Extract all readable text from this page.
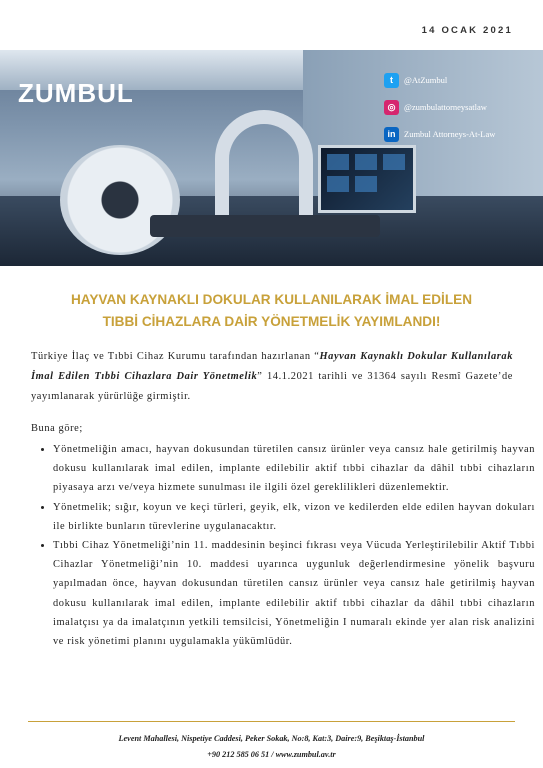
14 OCAK 2021
ZUMBUL	t	@AtZumbul
◎	@zumbulattorneysatlaw
in	Zumbul Attorneys-At-Law
HAYVAN KAYNAKLI DOKULAR KULLANILARAK İMAL EDİLEN
TIBBİ CİHAZLARA DAİR YÖNETMELİK YAYIMLANDI!

Türkiye İlaç ve Tıbbi Cihaz Kurumu tarafından hazırlanan “Hayvan Kaynaklı Dokular Kullanılarak İmal Edilen Tıbbi Cihazlara Dair Yönetmelik” 14.1.2021 tarihli ve 31364 sayılı Resmî Gazete’de yayımlanarak yürürlüğe girmiştir.

Buna göre;
• Yönetmeliğin amacı, hayvan dokusundan türetilen cansız ürünler veya cansız hale getirilmiş hayvan dokusu kullanılarak imal edilen, implante edilebilir aktif tıbbi cihazlar da dâhil tıbbi cihazların piyasaya arzı ve/veya hizmete sunulması ile ilgili özel gereklilikleri düzenlemektir.
• Yönetmelik; sığır, koyun ve keçi türleri, geyik, elk, vizon ve kedilerden elde edilen hayvan dokuları ile birlikte bunların türevlerine uygulanacaktır.
• Tıbbi Cihaz Yönetmeliği’nin 11. maddesinin beşinci fıkrası veya Vücuda Yerleştirilebilir Aktif Tıbbi Cihazlar Yönetmeliği’nin 10. maddesi uyarınca uygunluk değerlendirmesine yönelik başvuru yapılmadan önce, hayvan dokusundan türetilen cansız ürünler veya cansız hale getirilmiş hayvan dokusu kullanılarak imal edilen, implante edilebilir aktif tıbbi cihazlar da dâhil tıbbi cihazların imalatçısı ya da imalatçının yetkili temsilcisi, Yönetmeliğin I numaralı ekinde yer alan risk analizini ve risk yönetimi planını uygulamakla yükümlüdür.
Levent Mahallesi, Nispetiye Caddesi, Peker Sokak, No:8, Kat:3, Daire:9, Beşiktaş-İstanbul
+90 212 585 06 51 / www.zumbul.av.tr
